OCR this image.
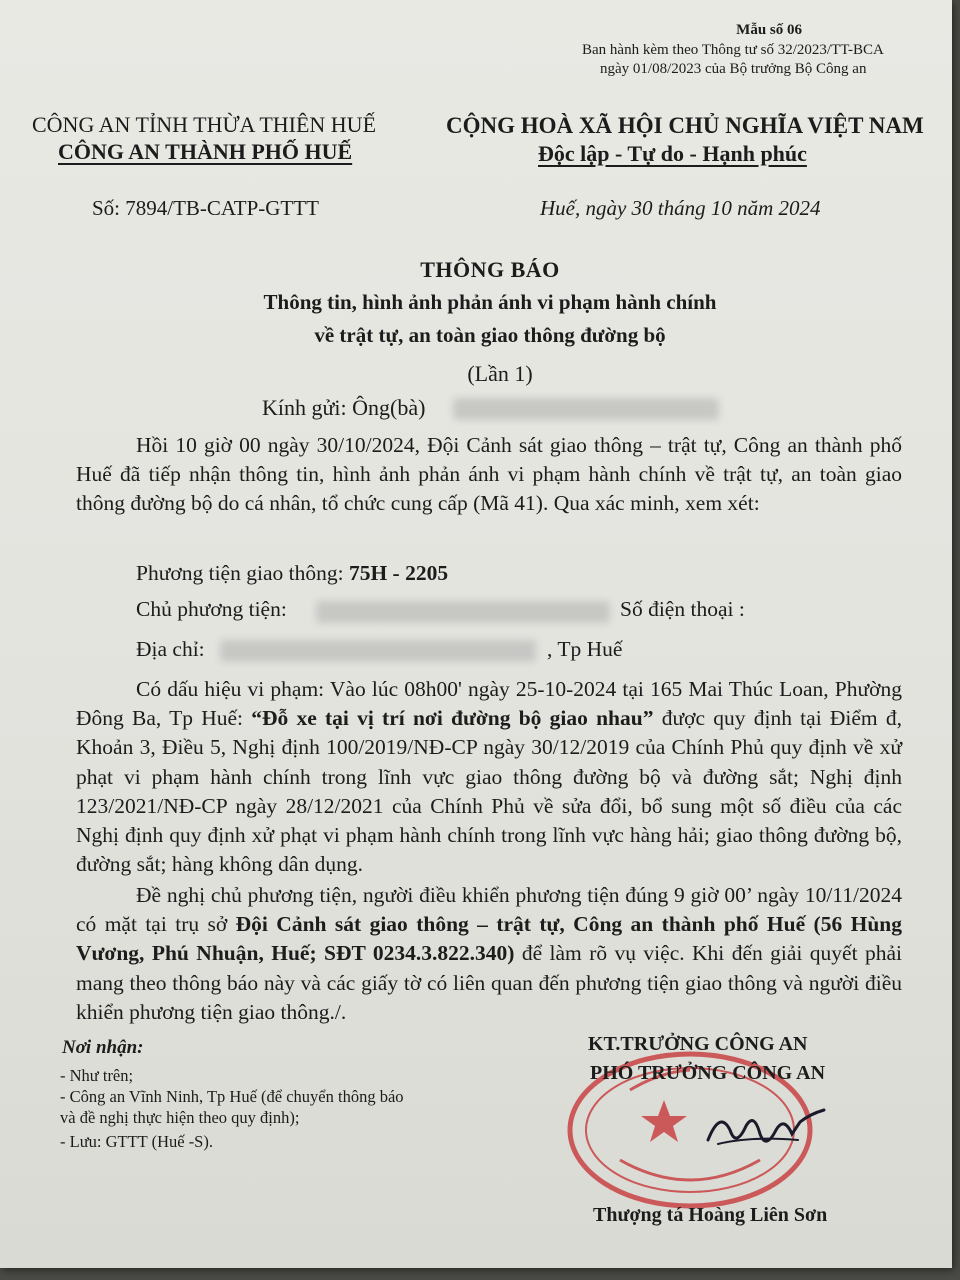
Mẫu số 06
Ban hành kèm theo Thông tư số 32/2023/TT-BCA
ngày 01/08/2023 của Bộ trưởng Bộ Công an
CÔNG AN TỈNH THỪA THIÊN HUẾ
CÔNG AN THÀNH PHỐ HUẾ
CỘNG HOÀ XÃ HỘI CHỦ NGHĨA VIỆT NAM
Độc lập - Tự do - Hạnh phúc
Số: 7894/TB-CATP-GTTT	Huế, ngày 30 tháng 10 năm 2024
THÔNG BÁO
Thông tin, hình ảnh phản ánh vi phạm hành chính
về trật tự, an toàn giao thông đường bộ
(Lần 1)
Kính gửi: Ông(bà)
Hồi 10 giờ 00 ngày 30/10/2024, Đội Cảnh sát giao thông – trật tự, Công an thành phố Huế đã tiếp nhận thông tin, hình ảnh phản ánh vi phạm hành chính về trật tự, an toàn giao thông đường bộ do cá nhân, tổ chức cung cấp (Mã 41). Qua xác minh, xem xét:
Phương tiện giao thông: 75H - 2205
Chủ phương tiện:	Số điện thoại :
Địa chỉ:	, Tp Huế
Có dấu hiệu vi phạm: Vào lúc 08h00' ngày 25-10-2024 tại 165 Mai Thúc Loan, Phường Đông Ba, Tp Huế: “Đỗ xe tại vị trí nơi đường bộ giao nhau” được quy định tại Điểm đ, Khoản 3, Điều 5, Nghị định 100/2019/NĐ-CP ngày 30/12/2019 của Chính Phủ quy định về xử phạt vi phạm hành chính trong lĩnh vực giao thông đường bộ và đường sắt; Nghị định 123/2021/NĐ-CP ngày 28/12/2021 của Chính Phủ về sửa đổi, bổ sung một số điều của các Nghị định quy định xử phạt vi phạm hành chính trong lĩnh vực hàng hải; giao thông đường bộ, đường sắt; hàng không dân dụng.
Đề nghị chủ phương tiện, người điều khiển phương tiện đúng 9 giờ 00’ ngày 10/11/2024 có mặt tại trụ sở Đội Cảnh sát giao thông – trật tự, Công an thành phố Huế (56 Hùng Vương, Phú Nhuận, Huế; SĐT 0234.3.822.340) để làm rõ vụ việc. Khi đến giải quyết phải mang theo thông báo này và các giấy tờ có liên quan đến phương tiện giao thông và người điều khiển phương tiện giao thông./.
Nơi nhận:
- Như trên;
- Công an Vĩnh Ninh, Tp Huế (để chuyển thông báo
và đề nghị thực hiện theo quy định);
- Lưu: GTTT (Huế -S).
KT.TRƯỞNG CÔNG AN
PHÓ TRƯỞNG CÔNG AN
Thượng tá Hoàng Liên Sơn
